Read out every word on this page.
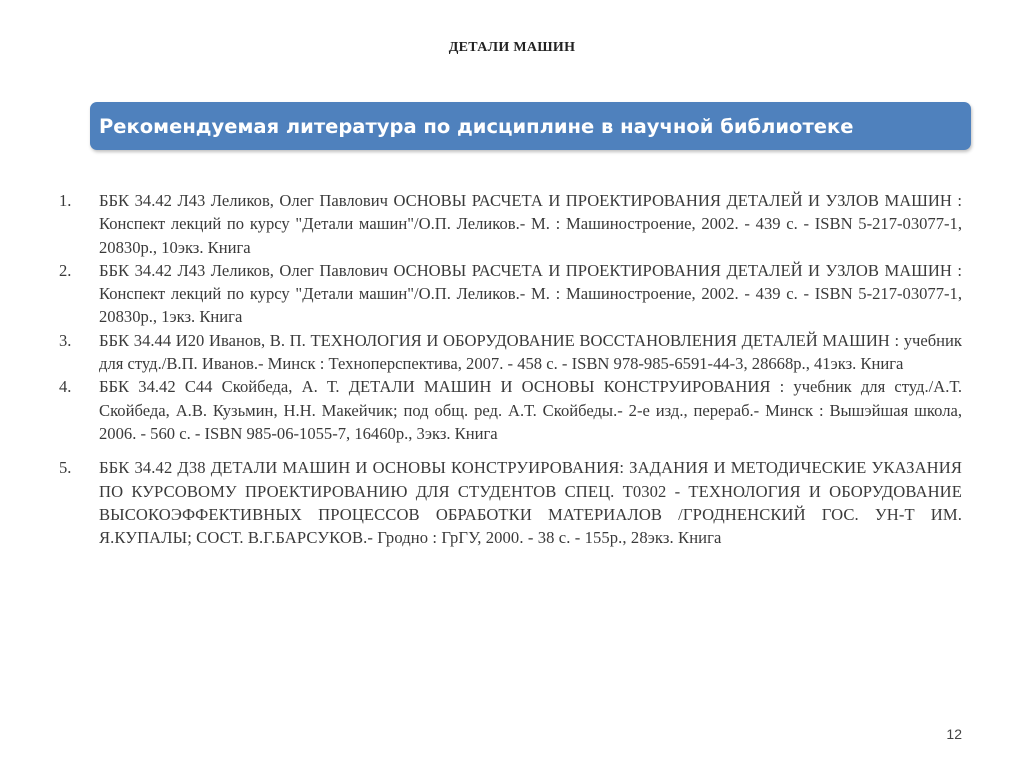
ДЕТАЛИ МАШИН
Рекомендуемая литература по дисциплине в научной библиотеке
1.	ББК 34.42 Л43 Леликов, Олег Павлович ОСНОВЫ РАСЧЕТА И ПРОЕКТИРОВАНИЯ ДЕТАЛЕЙ И УЗЛОВ МАШИН : Конспект лекций по курсу "Детали машин"/О.П. Леликов.- М. : Машиностроение, 2002. - 439 с. - ISBN 5-217-03077-1, 20830р., 10экз. Книга
2.	ББК 34.42 Л43 Леликов, Олег Павлович ОСНОВЫ РАСЧЕТА И ПРОЕКТИРОВАНИЯ ДЕТАЛЕЙ И УЗЛОВ МАШИН : Конспект лекций по курсу "Детали машин"/О.П. Леликов.- М. : Машиностроение, 2002. - 439 с. - ISBN 5-217-03077-1, 20830р., 1экз. Книга
3.	ББК 34.44 И20 Иванов, В. П. ТЕХНОЛОГИЯ И ОБОРУДОВАНИЕ ВОССТАНОВЛЕНИЯ ДЕТАЛЕЙ МАШИН : учебник для студ./В.П. Иванов.- Минск : Техноперспектива, 2007. - 458 с. - ISBN 978-985-6591-44-3, 28668р., 41экз. Книга
4.	ББК 34.42 С44 Скойбеда, А. Т. ДЕТАЛИ МАШИН И ОСНОВЫ КОНСТРУИРОВАНИЯ : учебник для студ./А.Т. Скойбеда, А.В. Кузьмин, Н.Н. Макейчик; под общ. ред. А.Т. Скойбеды.- 2-е изд., перераб.- Минск : Вышэйшая школа, 2006. - 560 с. - ISBN 985-06-1055-7, 16460р., 3экз. Книга
5.	ББК 34.42 Д38 ДЕТАЛИ МАШИН И ОСНОВЫ КОНСТРУИРОВАНИЯ: ЗАДАНИЯ И МЕТОДИЧЕСКИЕ УКАЗАНИЯ ПО КУРСОВОМУ ПРОЕКТИРОВАНИЮ ДЛЯ СТУДЕНТОВ СПЕЦ. Т0302 - ТЕХНОЛОГИЯ И ОБОРУДОВАНИЕ ВЫСОКОЭФФЕКТИВНЫХ ПРОЦЕССОВ ОБРАБОТКИ МАТЕРИАЛОВ /ГРОДНЕНСКИЙ ГОС. УН-Т ИМ. Я.КУПАЛЫ; СОСТ. В.Г.БАРСУКОВ.- Гродно : ГрГУ, 2000. - 38 с. - 155р., 28экз. Книга
12
